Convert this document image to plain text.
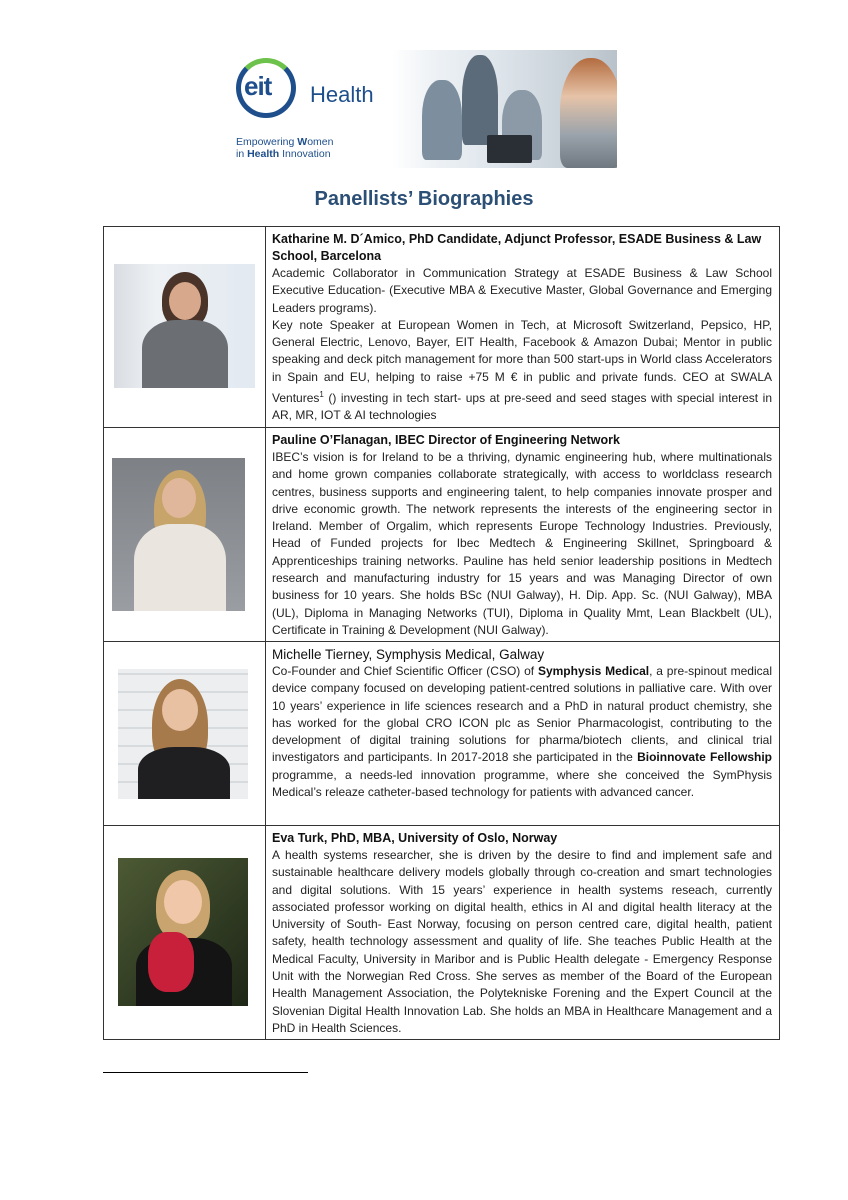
eit Health
Empowering Women
in Health Innovation
Panellists’ Biographies

	Katharine M. D´Amico, PhD Candidate, Adjunct Professor, ESADE Business & Law School, Barcelona

Academic Collaborator in Communication Strategy at ESADE Business & Law School Executive Education- (Executive MBA & Executive Master, Global Governance and Emerging Leaders programs).

Key note Speaker at European Women in Tech, at Microsoft Switzerland, Pepsico, HP, General Electric, Lenovo, Bayer, EIT Health, Facebook & Amazon Dubai; Mentor in public speaking and deck pitch management for more than 500 start-ups in World class Accelerators in Spain and EU, helping to raise +75 M € in public and private funds. CEO at SWALA Ventures$^1$ () investing in tech start- ups at pre-seed and seed stages with special interest in AR, MR, IOT & AI technologies

	Pauline O’Flanagan, IBEC Director of Engineering Network

IBEC’s vision is for Ireland to be a thriving, dynamic engineering hub, where multinationals and home grown companies collaborate strategically, with access to worldclass research centres, business supports and engineering talent, to help companies innovate prosper and drive economic growth. The network represents the interests of the engineering sector in Ireland. Member of Orgalim, which represents Europe Technology Industries. Previously, Head of Funded projects for Ibec Medtech & Engineering Skillnet, Springboard & Apprenticeships training networks. Pauline has held senior leadership positions in Medtech research and manufacturing industry for 15 years and was Managing Director of own business for 10 years. She holds BSc (NUI Galway), H. Dip. App. Sc. (NUI Galway), MBA (UL), Diploma in Managing Networks (TUI), Diploma in Quality Mmt, Lean Blackbelt (UL), Certificate in Training & Development (NUI Galway).

	Michelle Tierney, Symphysis Medical, Galway

Co-Founder and Chief Scientific Officer (CSO) of Symphysis Medical, a pre-spinout medical device company focused on developing patient-centred solutions in palliative care. With over 10 years’ experience in life sciences research and a PhD in natural product chemistry, she has worked for the global CRO ICON plc as Senior Pharmacologist, contributing to the development of digital training solutions for pharma/biotech clients, and clinical trial investigators and participants. In 2017-2018 she participated in the Bioinnovate Fellowship programme, a needs-led innovation programme, where she conceived the SymPhysis Medical’s releaze catheter-based technology for patients with advanced cancer.

	Eva Turk, PhD, MBA, University of Oslo, Norway

A health systems researcher, she is driven by the desire to find and implement safe and sustainable healthcare delivery models globally through co-creation and smart technologies and digital solutions. With 15 years’ experience in health systems reseach, currently associated professor working on digital health, ethics in AI and digital health literacy at the University of South- East Norway, focusing on person centred care, digital health, patient safety, health technology assessment and quality of life. She teaches Public Health at the Medical Faculty, University in Maribor and is Public Health delegate - Emergency Response Unit with the Norwegian Red Cross. She serves as member of the Board of the European Health Management Association, the Polytekniske Forening and the Expert Council at the Slovenian Digital Health Innovation Lab. She holds an MBA in Healthcare Management and a PhD in Health Sciences.
